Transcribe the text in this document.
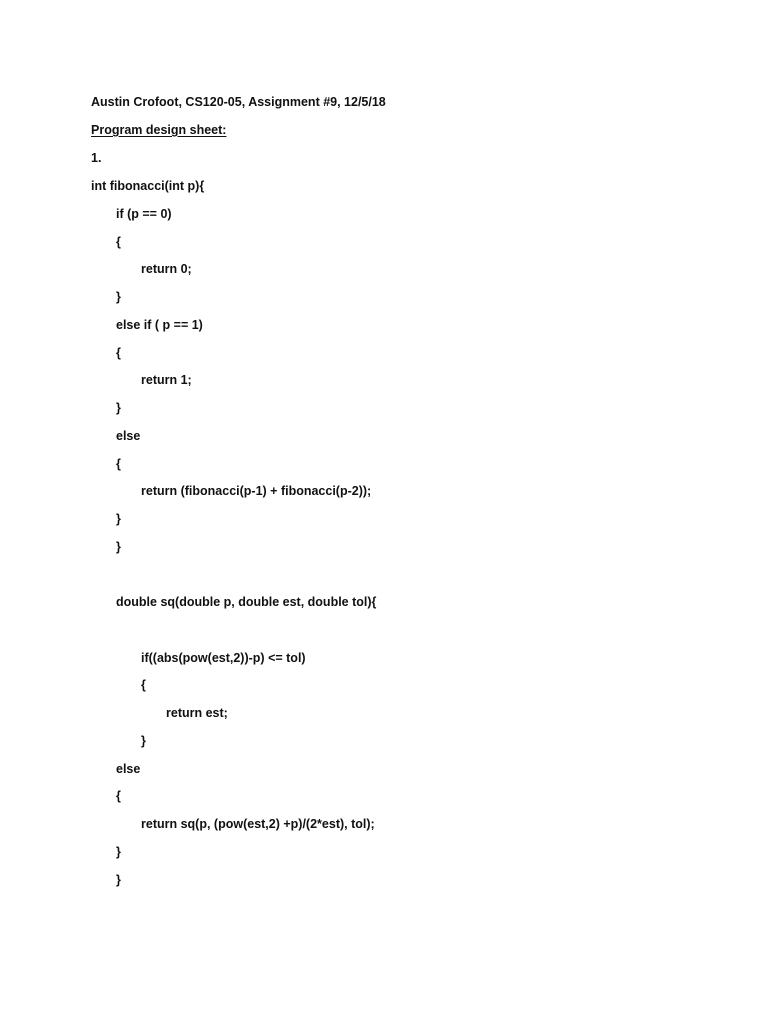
Austin Crofoot, CS120-05, Assignment #9, 12/5/18
Program design sheet:
1.
int fibonacci(int p){
if (p == 0)
{
return 0;
}
else if ( p == 1)
{
return 1;
}
else
{
return (fibonacci(p-1) + fibonacci(p-2));
}
}
double sq(double p, double est, double tol){
if((abs(pow(est,2))-p) <= tol)
{
return est;
}
else
{
return sq(p, (pow(est,2) +p)/(2*est), tol);
}
}
